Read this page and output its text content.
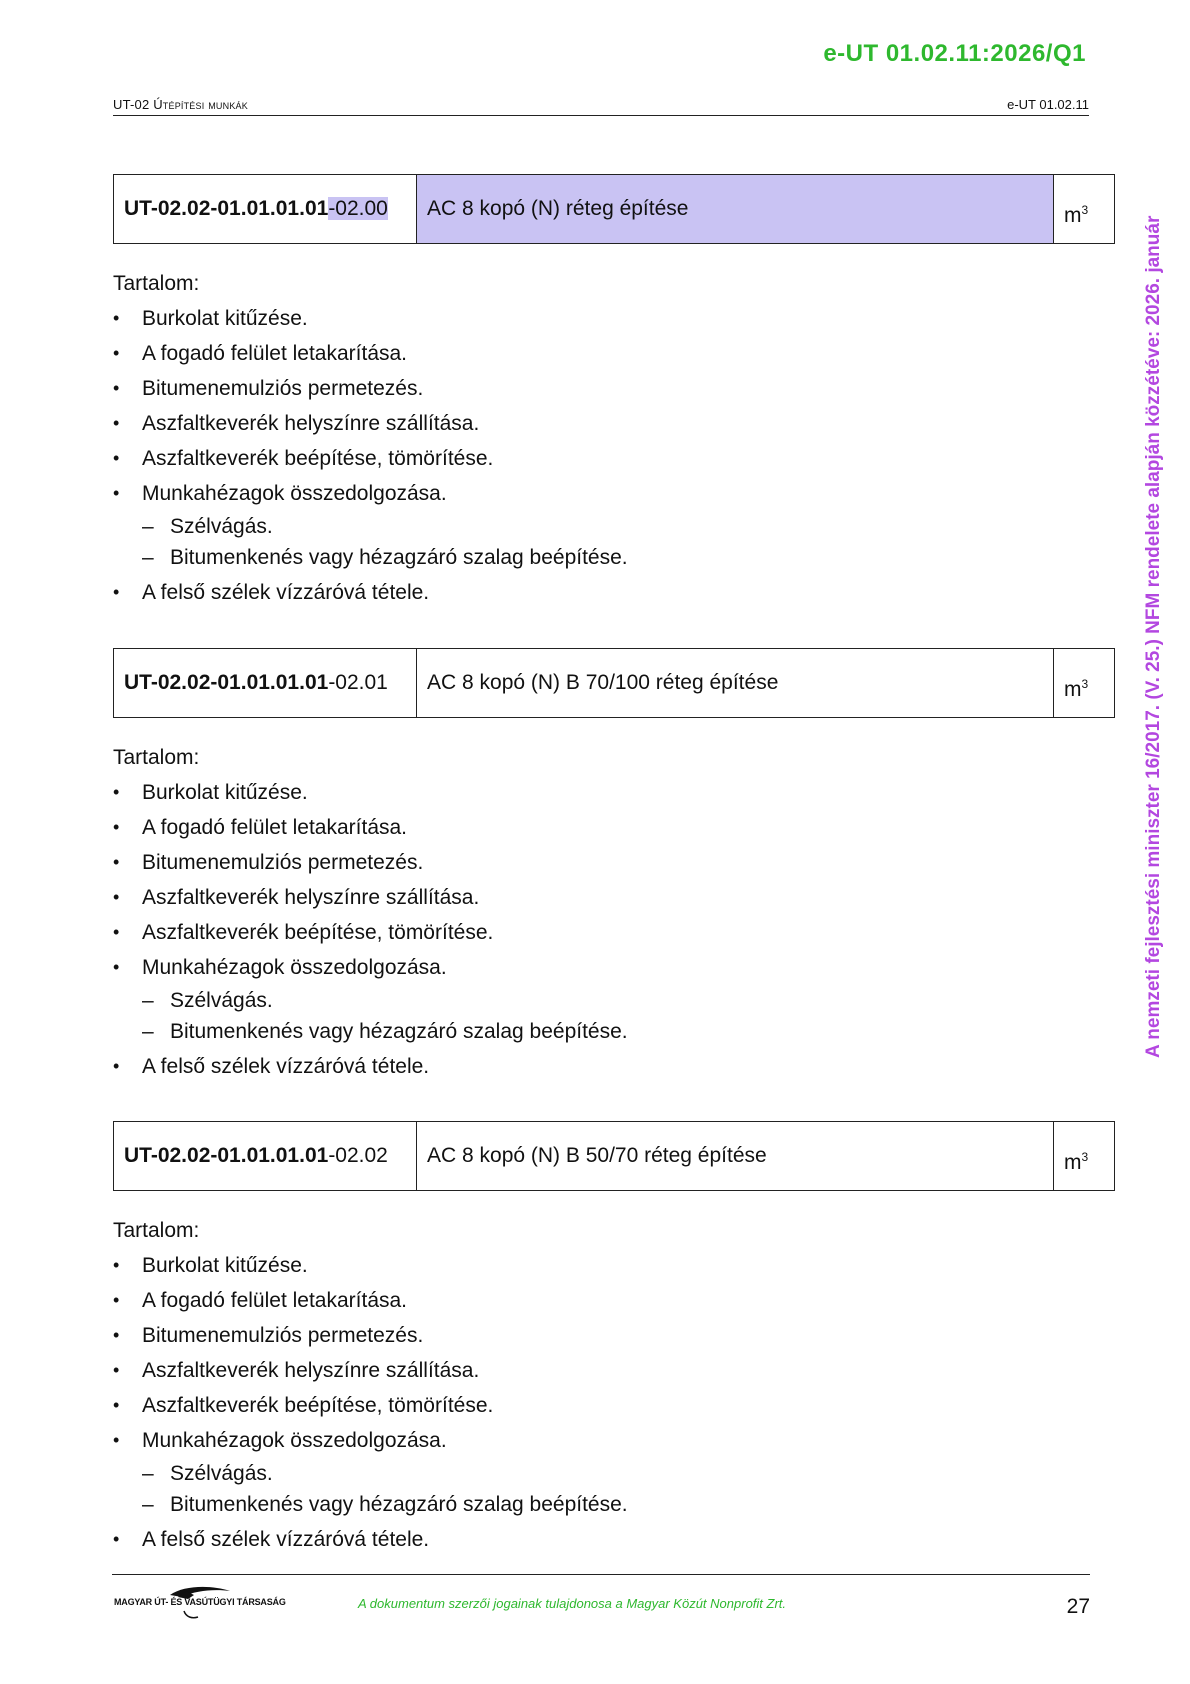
e-UT 01.02.11:2026/Q1
UT-02 Útépítési munkák	e-UT 01.02.11
A nemzeti fejlesztési miniszter 16/2017. (V. 25.) NFM rendelete alapján közzétéve: 2026. január
UT-02.02-01.01.01.01-02.00	AC 8 kopó (N) réteg építése	$m^3$

Tartalom:

• Burkolat kitűzése.
• A fogadó felület letakarítása.
• Bitumenemulziós permetezés.
• Aszfaltkeverék helyszínre szállítása.
• Aszfaltkeverék beépítése, tömörítése.
• Munkahézagok összedolgozása.
– Szélvágás.
– Bitumenkenés vagy hézagzáró szalag beépítése.
• A felső szélek vízzáróvá tétele.
UT-02.02-01.01.01.01-02.01	AC 8 kopó (N) B 70/100 réteg építése	$m^3$

Tartalom:

• Burkolat kitűzése.
• A fogadó felület letakarítása.
• Bitumenemulziós permetezés.
• Aszfaltkeverék helyszínre szállítása.
• Aszfaltkeverék beépítése, tömörítése.
• Munkahézagok összedolgozása.
– Szélvágás.
– Bitumenkenés vagy hézagzáró szalag beépítése.
• A felső szélek vízzáróvá tétele.
UT-02.02-01.01.01.01-02.02	AC 8 kopó (N) B 50/70 réteg építése	$m^3$

Tartalom:

• Burkolat kitűzése.
• A fogadó felület letakarítása.
• Bitumenemulziós permetezés.
• Aszfaltkeverék helyszínre szállítása.
• Aszfaltkeverék beépítése, tömörítése.
• Munkahézagok összedolgozása.
– Szélvágás.
– Bitumenkenés vagy hézagzáró szalag beépítése.
• A felső szélek vízzáróvá tétele.
MAGYAR ÚT- ÉS VASÚTÜGYI TÁRSASÁG	A dokumentum szerzői jogainak tulajdonosa a Magyar Közút Nonprofit Zrt.	27
